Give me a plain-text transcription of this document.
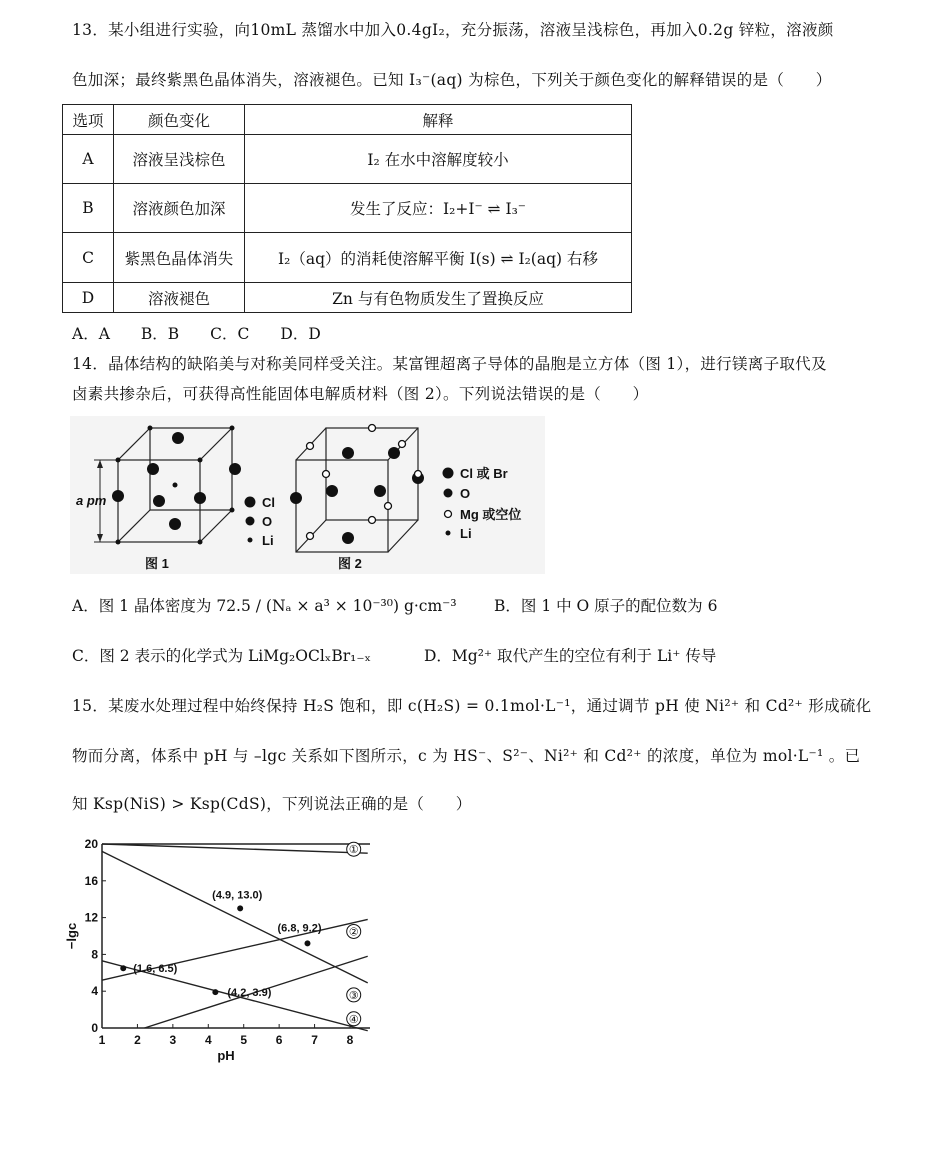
13．某小组进行实验，向10mL 蒸馏水中加入0.4gI₂，充分振荡，溶液呈浅棕色，再加入0.2g 锌粒，溶液颜
色加深；最终紫黑色晶体消失，溶液褪色。已知 I₃⁻(aq) 为棕色，下列关于颜色变化的解释错误的是（　　）
选项	颜色变化	解释
A	溶液呈浅棕色	I₂ 在水中溶解度较小
B	溶液颜色加深	发生了反应：I₂+I⁻ ⇌ I₃⁻
C	紫黑色晶体消失	I₂（aq）的消耗使溶解平衡 I(s) ⇌ I₂(aq) 右移
D	溶液褪色	Zn 与有色物质发生了置换反应
A．A　　B．B　　C．C　　D．D
14．晶体结构的缺陷美与对称美同样受关注。某富锂超离子导体的晶胞是立方体（图 1），进行镁离子取代及
卤素共掺杂后，可获得高性能固体电解质材料（图 2）。下列说法错误的是（　　）
a pm	Cl
O
Li
图 1
Cl 或 Br
O
Mg 或空位
Li
图 2
A．图 1 晶体密度为 72.5 / (Nₐ × a³ × 10⁻³⁰) g·cm⁻³ B．图 1 中 O 原子的配位数为 6
C．图 2 表示的化学式为 LiMg₂OClₓBr₁₋ₓ	D．Mg²⁺ 取代产生的空位有利于 Li⁺ 传导
15．某废水处理过程中始终保持 H₂S 饱和，即 c(H₂S) = 0.1mol·L⁻¹，通过调节 pH 使 Ni²⁺ 和 Cd²⁺ 形成硫化
物而分离，体系中 pH 与 –lgc 关系如下图所示，c 为 HS⁻、S²⁻、Ni²⁺ 和 Cd²⁺ 的浓度，单位为 mol·L⁻¹ 。已
知 Ksp(NiS) > Ksp(CdS)，下列说法正确的是（　　）
1 2 3 4 5 6 7 8
0
4
8
12
16
20
pH
−lgc
①
②
③
④
(4.9, 13.0)
(6.8, 9.2)
(1.6, 6.5)
(4.2, 3.9)
